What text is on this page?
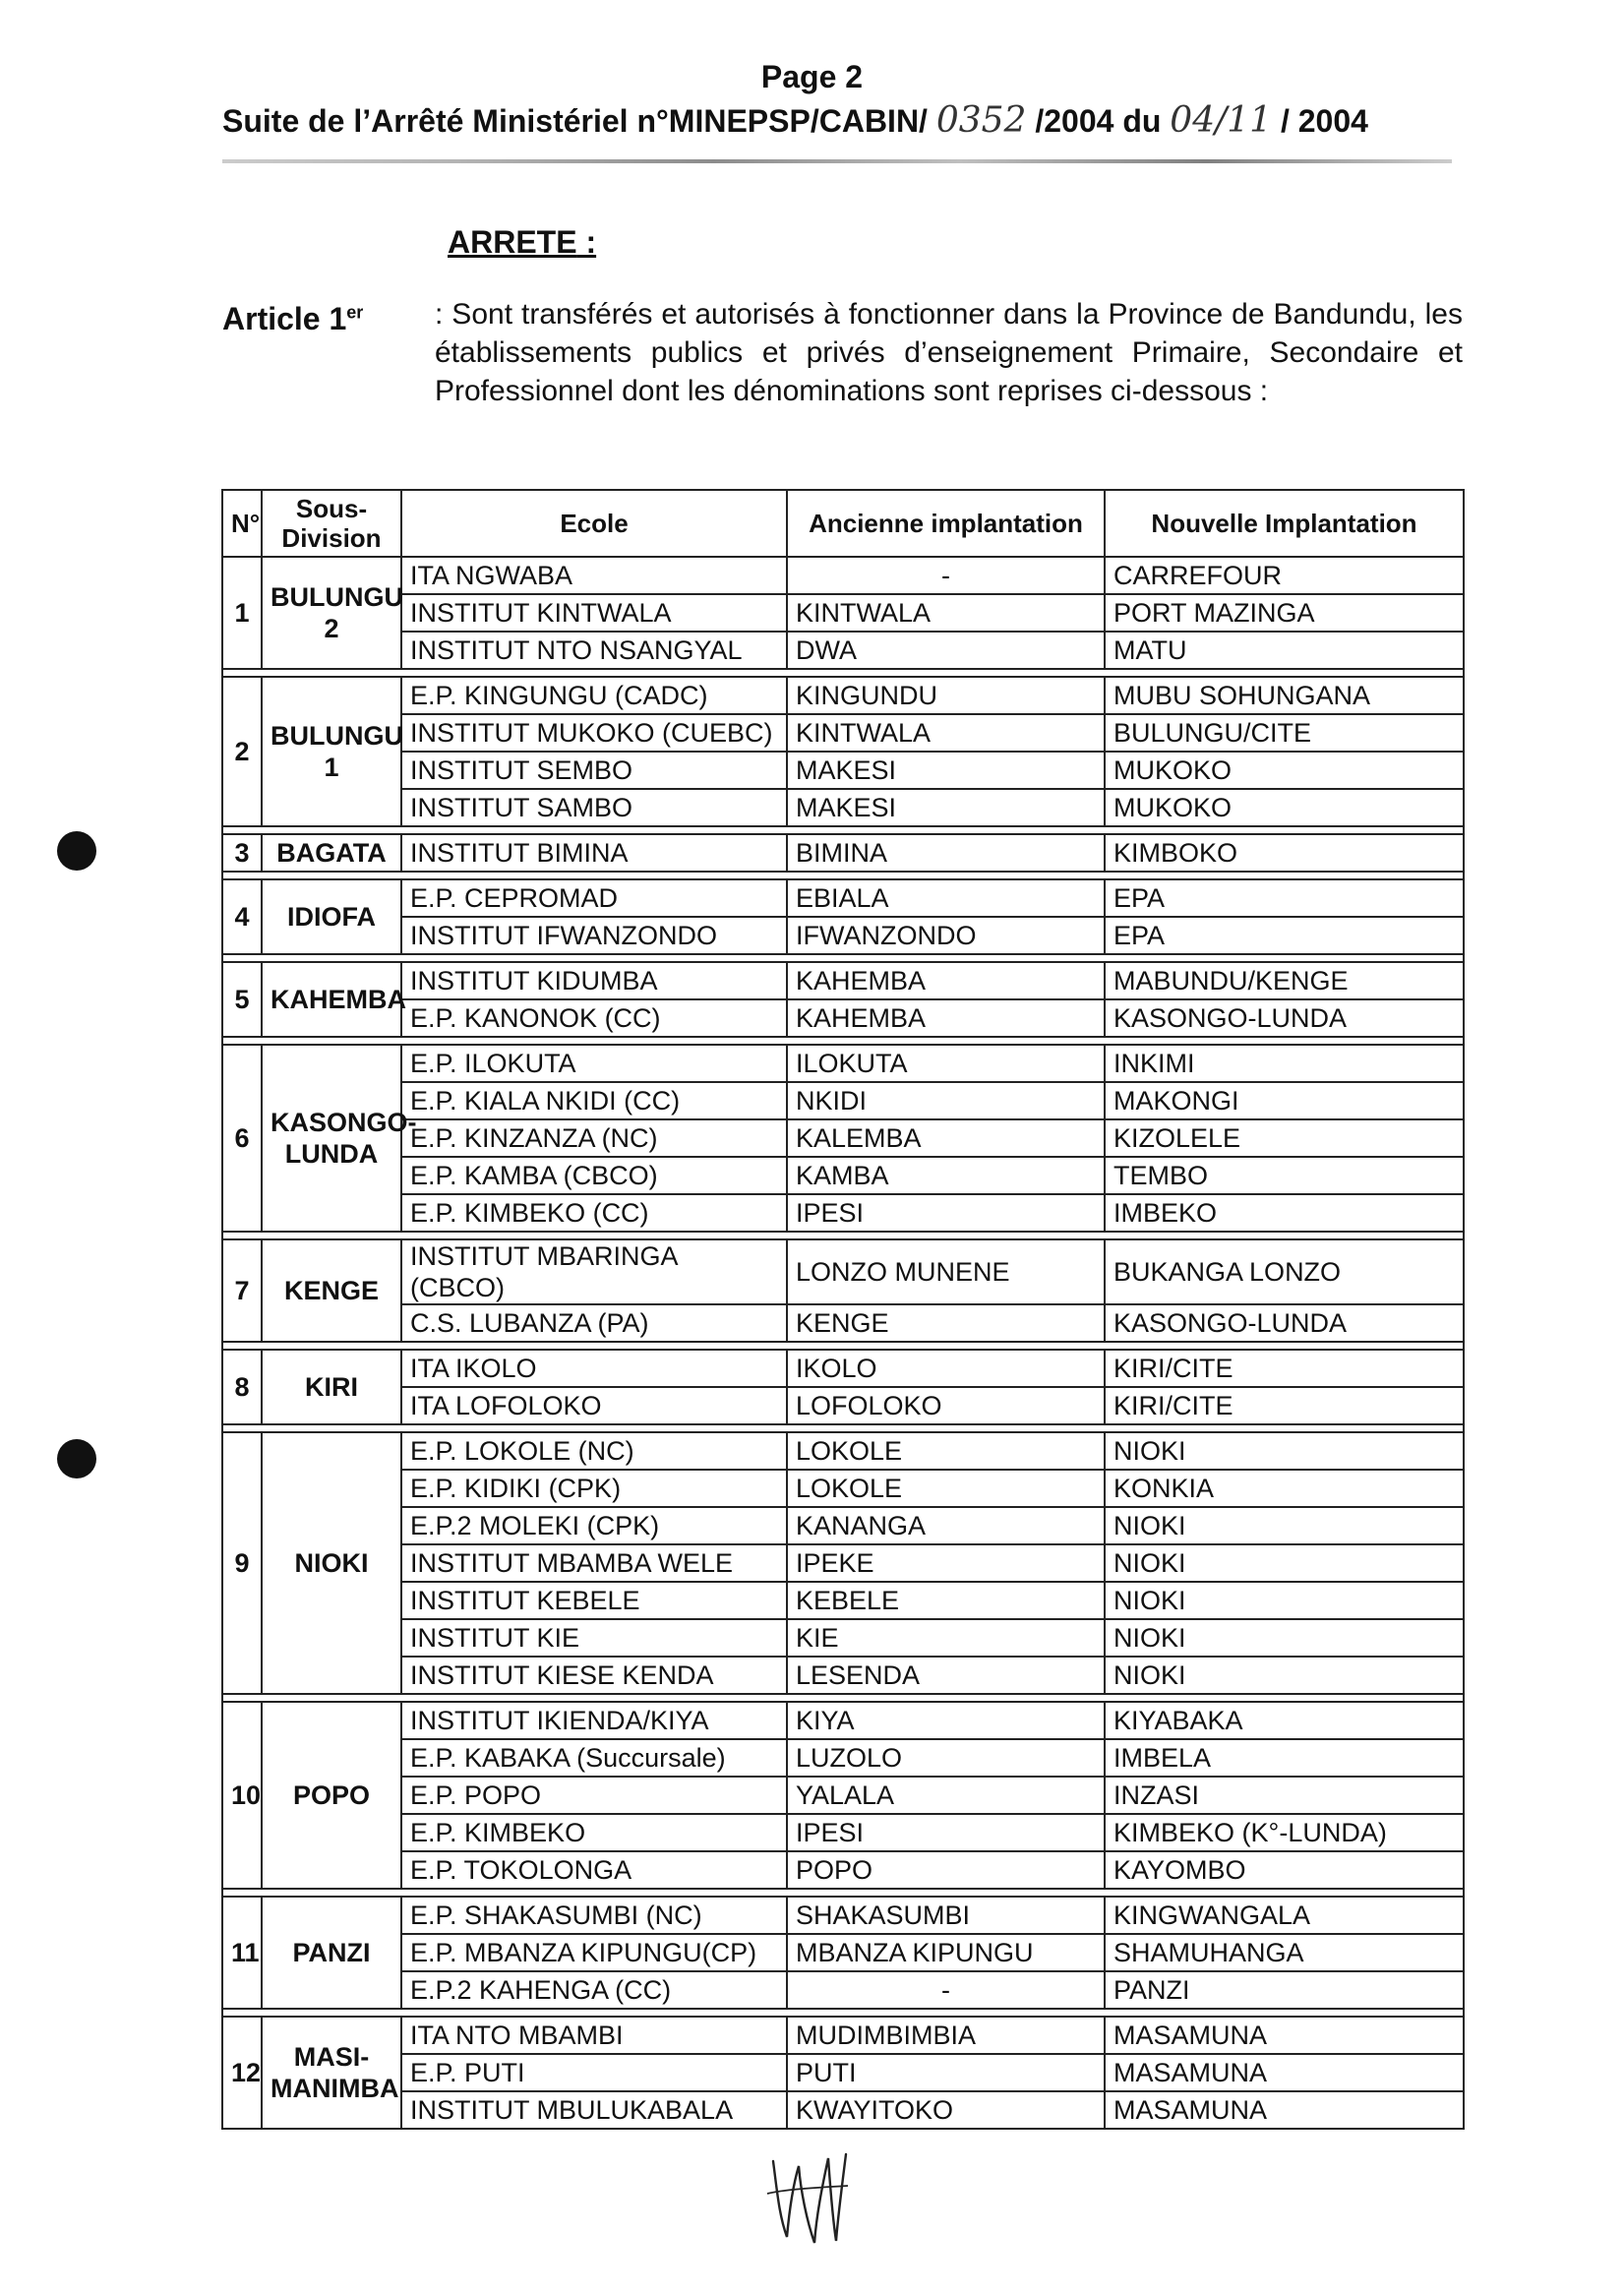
Page 2
Suite de l’Arrêté Ministériel n°MINEPSP/CABIN/ 0352 /2004 du 04/11 / 2004
ARRETE :
Article 1er : Sont transférés et autorisés à fonctionner dans la Province de Bandundu, les établissements publics et privés d’enseignement Primaire, Secondaire et Professionnel dont les dénominations sont reprises ci-dessous :
N°	Sous-Division	Ecole	Ancienne implantation	Nouvelle Implantation
1	BULUNGU 2	ITA NGWABA	-	CARREFOUR
		INSTITUT KINTWALA	KINTWALA	PORT MAZINGA
		INSTITUT NTO NSANGYAL	DWA	MATU

2	BULUNGU 1	E.P. KINGUNGU (CADC)	KINGUNDU	MUBU SOHUNGANA
		INSTITUT MUKOKO (CUEBC)	KINTWALA	BULUNGU/CITE
		INSTITUT SEMBO	MAKESI	MUKOKO
		INSTITUT SAMBO	MAKESI	MUKOKO

3	BAGATA	INSTITUT BIMINA	BIMINA	KIMBOKO

4	IDIOFA	E.P. CEPROMAD	EBIALA	EPA
		INSTITUT IFWANZONDO	IFWANZONDO	EPA

5	KAHEMBA	INSTITUT KIDUMBA	KAHEMBA	MABUNDU/KENGE
		E.P. KANONOK (CC)	KAHEMBA	KASONGO-LUNDA

6	KASONGO-LUNDA	E.P. ILOKUTA	ILOKUTA	INKIMI
		E.P. KIALA NKIDI (CC)	NKIDI	MAKONGI
		E.P. KINZANZA (NC)	KALEMBA	KIZOLELE
		E.P. KAMBA (CBCO)	KAMBA	TEMBO
		E.P. KIMBEKO (CC)	IPESI	IMBEKO

7	KENGE	INSTITUT MBARINGA (CBCO)	LONZO MUNENE	BUKANGA LONZO
		C.S. LUBANZA (PA)	KENGE	KASONGO-LUNDA

8	KIRI	ITA IKOLO	IKOLO	KIRI/CITE
		ITA LOFOLOKO	LOFOLOKO	KIRI/CITE

9	NIOKI	E.P. LOKOLE (NC)	LOKOLE	NIOKI
		E.P. KIDIKI (CPK)	LOKOLE	KONKIA
		E.P.2 MOLEKI (CPK)	KANANGA	NIOKI
		INSTITUT MBAMBA WELE	IPEKE	NIOKI
		INSTITUT KEBELE	KEBELE	NIOKI
		INSTITUT KIE	KIE	NIOKI
		INSTITUT KIESE KENDA	LESENDA	NIOKI

10	POPO	INSTITUT IKIENDA/KIYA	KIYA	KIYABAKA
		E.P. KABAKA (Succursale)	LUZOLO	IMBELA
		E.P. POPO	YALALA	INZASI
		E.P. KIMBEKO	IPESI	KIMBEKO (K°-LUNDA)
		E.P. TOKOLONGA	POPO	KAYOMBO

11	PANZI	E.P. SHAKASUMBI (NC)	SHAKASUMBI	KINGWANGALA
		E.P. MBANZA KIPUNGU(CP)	MBANZA KIPUNGU	SHAMUHANGA
		E.P.2 KAHENGA (CC)	-	PANZI

12	MASI-MANIMBA	ITA NTO MBAMBI	MUDIMBIMBIA	MASAMUNA
		E.P. PUTI	PUTI	MASAMUNA
		INSTITUT MBULUKABALA	KWAYITOKO	MASAMUNA
